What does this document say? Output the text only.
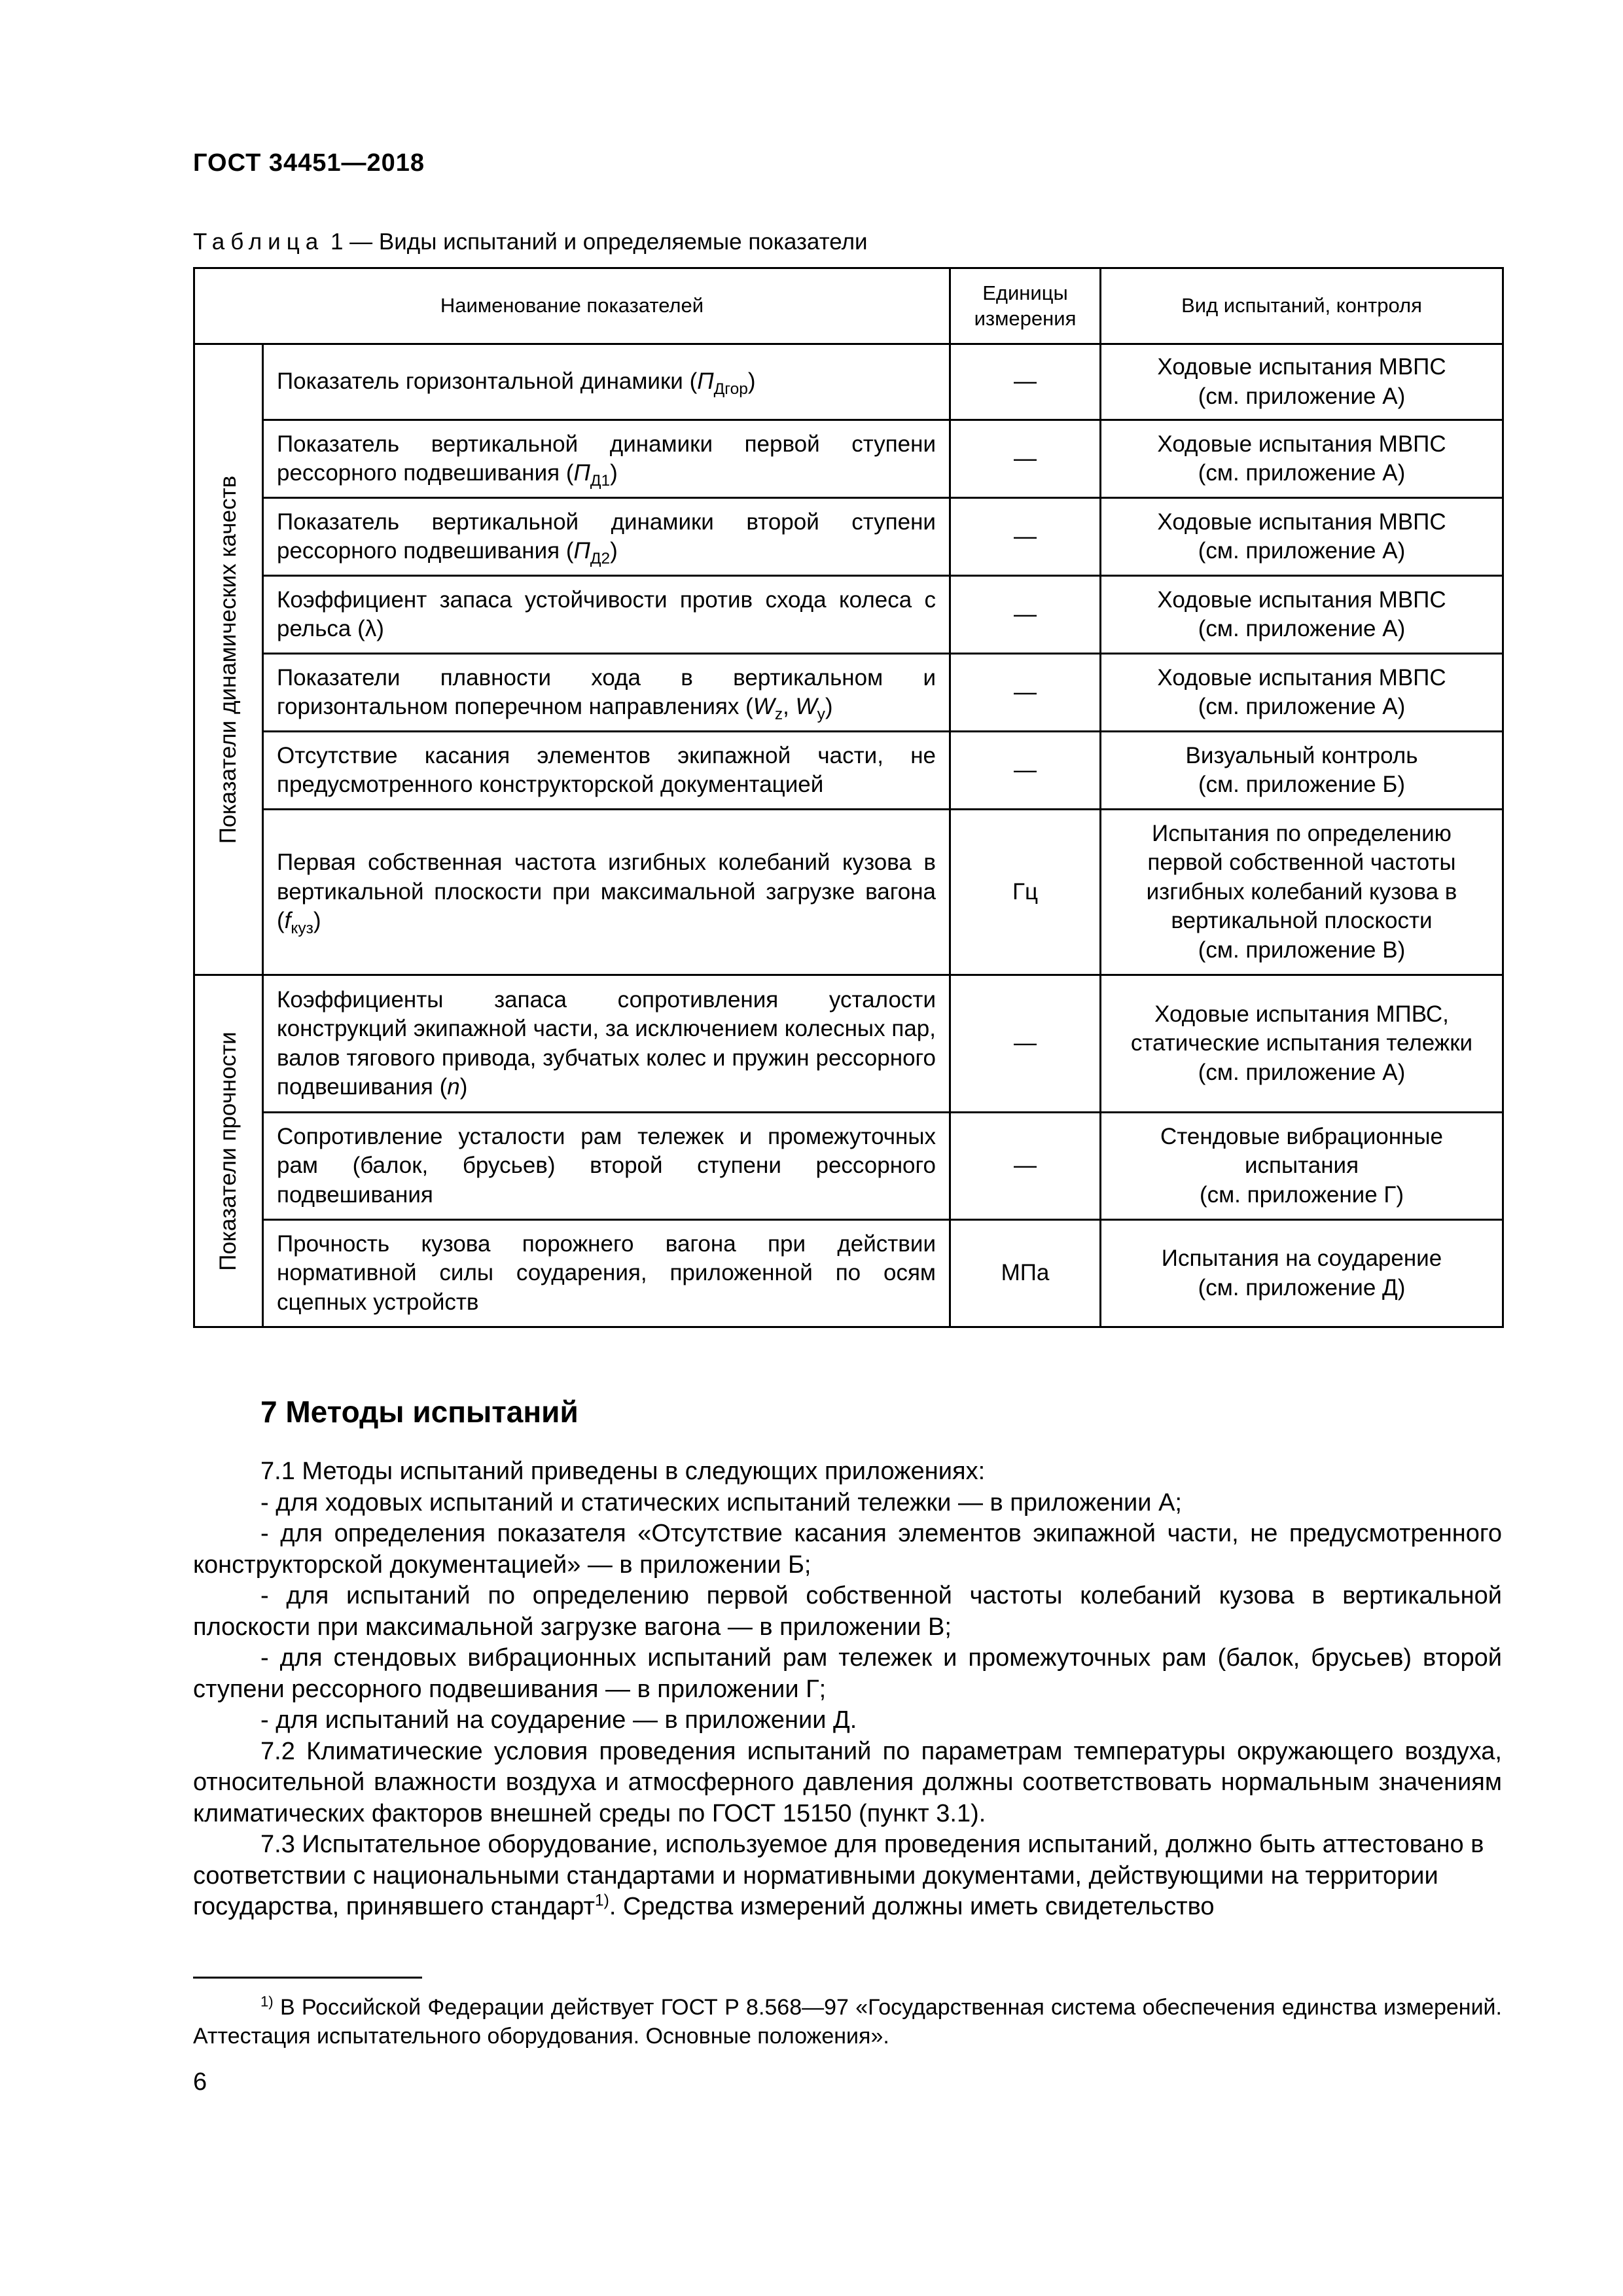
ГОСТ 34451—2018
Таблица 1 — Виды испытаний и определяемые показатели
Наименование показателей		Единицы измерения	Вид испытаний, контроля

Показатели динамических качеств	Показатель горизонтальной динамики $(П_{Дгор})$	—	Ходовые испытания МВПС
(см. приложение А)

	Показатель вертикальной динамики первой ступени рессорного подвешивания $(П_{Д1})$	—	Ходовые испытания МВПС
(см. приложение А)

	Показатель вертикальной динамики второй ступени рессорного подвешивания $(П_{Д2})$	—	Ходовые испытания МВПС
(см. приложение А)

	Коэффициент запаса устойчивости против схода колеса с рельса (λ)	—	Ходовые испытания МВПС
(см. приложение А)

	Показатели плавности хода в вертикальном и горизонтальном поперечном направлениях ($W_z$, $W_y$)	—	Ходовые испытания МВПС
(см. приложение А)

	Отсутствие касания элементов экипажной части, не предусмотренного конструкторской документацией	—	Визуальный контроль
(см. приложение Б)

	Первая собственная частота изгибных колебаний кузова в вертикальной плоскости при максимальной загрузке вагона $(f_{куз})$	Гц	Испытания по определению первой собственной частоты изгибных колебаний кузова в вертикальной плоскости
(см. приложение В)

Показатели прочности	Коэффициенты запаса сопротивления усталости конструкций экипажной части, за исключением колесных пар, валов тягового привода, зубчатых колес и пружин рессорного подвешивания (n)	—	Ходовые испытания МПВС,
статические испытания тележки
(см. приложение А)

	Сопротивление усталости рам тележек и промежуточных рам (балок, брусьев) второй ступени рессорного подвешивания	—	Стендовые вибрационные испытания
(см. приложение Г)

	Прочность кузова порожнего вагона при действии нормативной силы соударения, приложенной по осям сцепных устройств	МПа	Испытания на соударение
(см. приложение Д)
7 Методы испытаний

7.1 Методы испытаний приведены в следующих приложениях:

- для ходовых испытаний и статических испытаний тележки — в приложении А;

- для определения показателя «Отсутствие касания элементов экипажной части, не предусмотренного конструкторской документацией» — в приложении Б;

- для испытаний по определению первой собственной частоты колебаний кузова в вертикальной плоскости при максимальной загрузке вагона — в приложении В;

- для стендовых вибрационных испытаний рам тележек и промежуточных рам (балок, брусьев) второй ступени рессорного подвешивания — в приложении Г;

- для испытаний на соударение — в приложении Д.

7.2 Климатические условия проведения испытаний по параметрам температуры окружающего воздуха, относительной влажности воздуха и атмосферного давления должны соответствовать нормальным значениям климатических факторов внешней среды по ГОСТ 15150 (пункт 3.1).

7.3 Испытательное оборудование, используемое для проведения испытаний, должно быть аттестовано в соответствии с национальными стандартами и нормативными документами, действующими на территории государства, принявшего стандарт$^{1)}$. Средства измерений должны иметь свидетельство

$^{1)}$ В Российской Федерации действует ГОСТ Р 8.568—97 «Государственная система обеспечения единства измерений. Аттестация испытательного оборудования. Основные положения».
6
